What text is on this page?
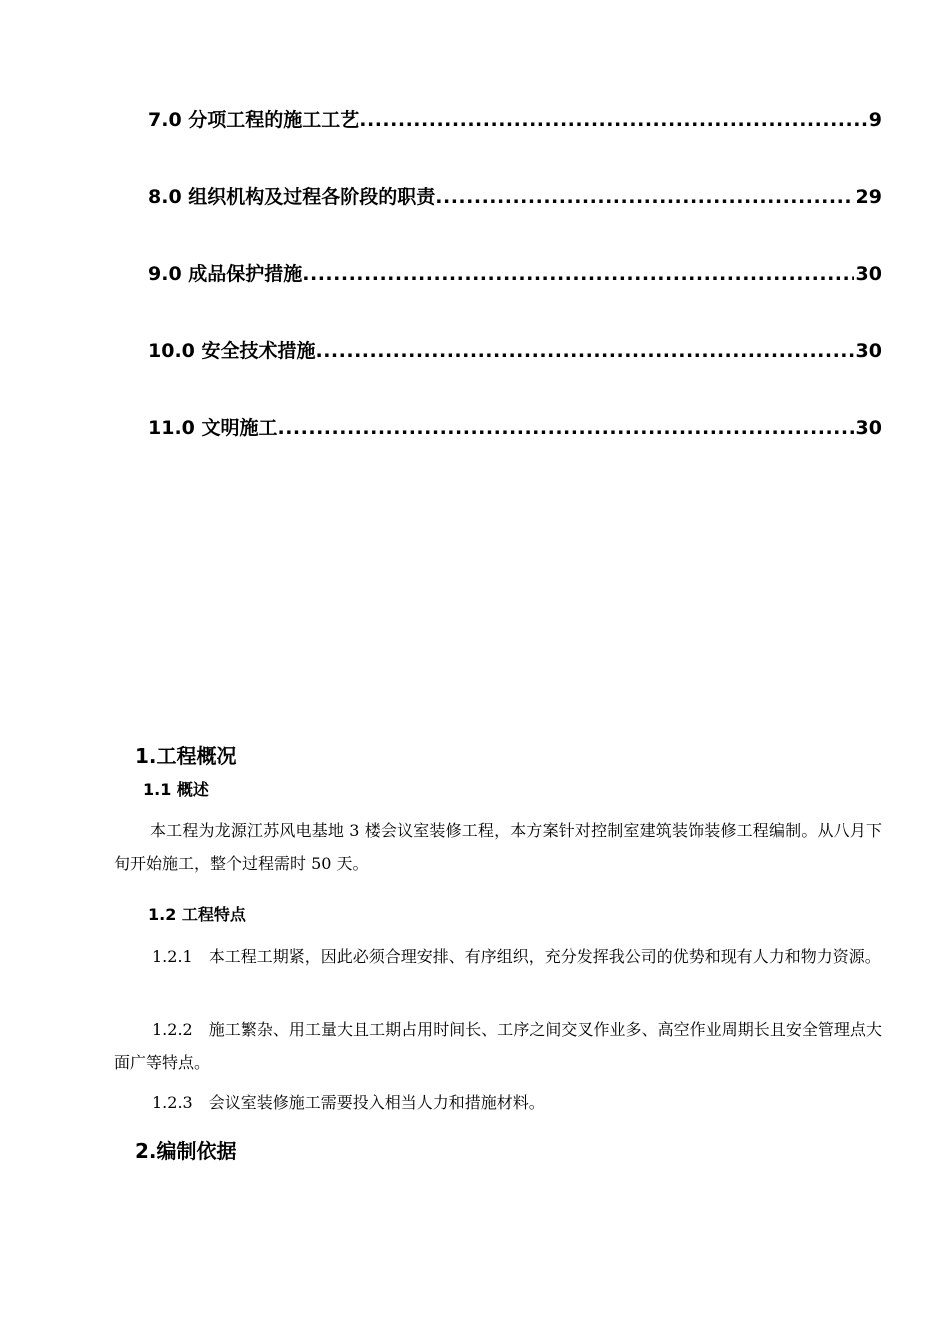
7.0 分项工程的施工工艺 .....	9
8.0 组织机构及过程各阶段的职责 .....	29
9.0 成品保护措施 .....	30
10.0 安全技术措施 .....	30
11.0 文明施工 .....	30
1.工程概况
1.1 概述
本工程为龙源江苏风电基地 3 楼会议室装修工程，本方案针对控制室建筑装饰装修工程编制。从八月下旬开始施工，整个过程需时 50 天。
1.2 工程特点
1.2.1　本工程工期紧，因此必须合理安排、有序组织，充分发挥我公司的优势和现有人力和物力资源。
1.2.2　施工繁杂、用工量大且工期占用时间长、工序之间交叉作业多、高空作业周期长且安全管理点大面广等特点。
1.2.3　会议室装修施工需要投入相当人力和措施材料。
2.编制依据
